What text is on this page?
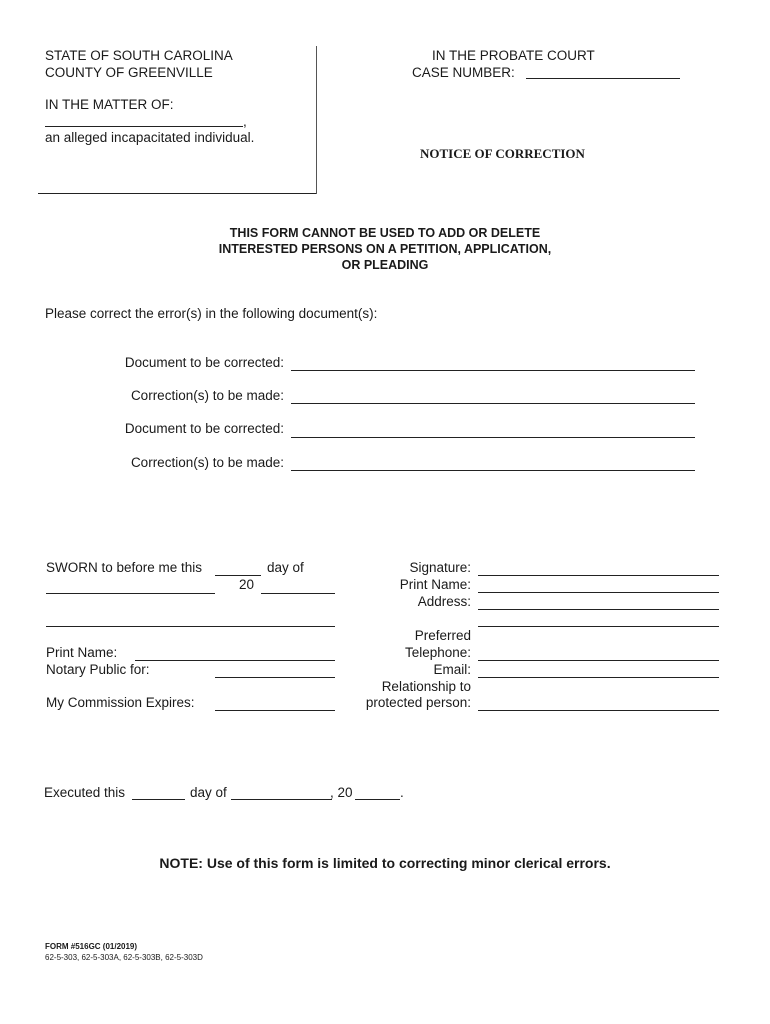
STATE OF SOUTH CAROLINA
COUNTY OF GREENVILLE
IN THE MATTER OF:
,
an alleged incapacitated individual.
IN THE PROBATE COURT
CASE NUMBER:
NOTICE OF CORRECTION
THIS FORM CANNOT BE USED TO ADD OR DELETE
INTERESTED PERSONS ON A PETITION, APPLICATION,
OR PLEADING
Please correct the error(s) in the following document(s):
Document to be corrected:
Correction(s) to be made:
Document to be corrected:
Correction(s) to be made:
SWORN to before me this	day of
20
Print Name:
Notary Public for:
My Commission Expires:
Signature:
Print Name:
Address:
Preferred
Telephone:
Email:
Relationship to
protected person:
Executed this	day of	, 20	.
NOTE: Use of this form is limited to correcting minor clerical errors.
FORM #516GC (01/2019)
62-5-303, 62-5-303A, 62-5-303B, 62-5-303D
